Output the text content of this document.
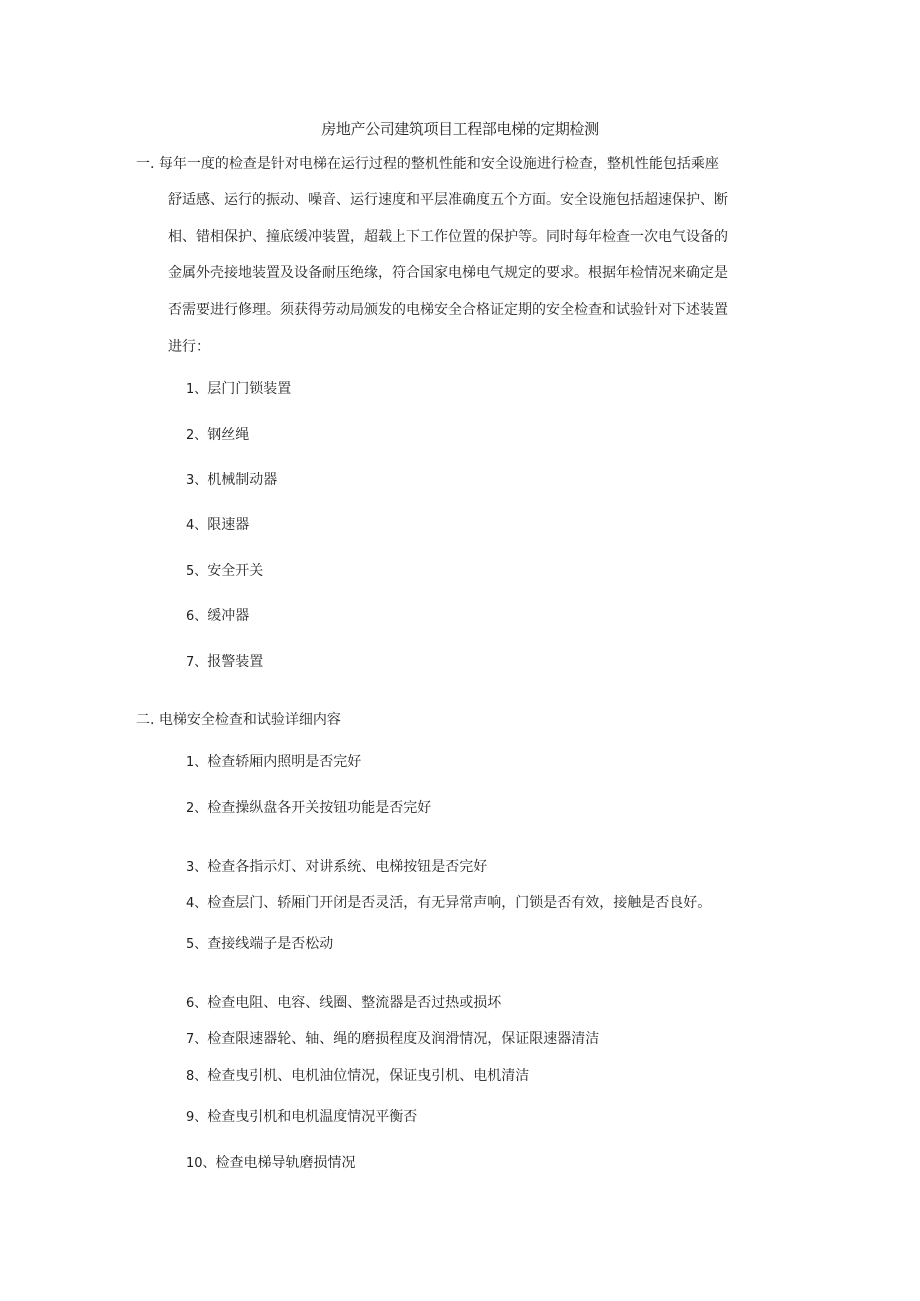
房地产公司建筑项目工程部电梯的定期检测
一. 每年一度的检查是针对电梯在运行过程的整机性能和安全设施进行检查，整机性能包括乘座
舒适感、运行的振动、噪音、运行速度和平层准确度五个方面。安全设施包括超速保护、断
相、错相保护、撞底缓冲装置，超载上下工作位置的保护等。同时每年检查一次电气设备的
金属外壳接地装置及设备耐压绝缘，符合国家电梯电气规定的要求。根据年检情况来确定是
否需要进行修理。须获得劳动局颁发的电梯安全合格证定期的安全检查和试验针对下述装置
进行：
1、层门门锁装置
2、钢丝绳
3、机械制动器
4、限速器
5、安全开关
6、缓冲器
7、报警装置
二. 电梯安全检查和试验详细内容
1、检查轿厢内照明是否完好
2、检查操纵盘各开关按钮功能是否完好
3、检查各指示灯、对讲系统、电梯按钮是否完好
4、检查层门、轿厢门开闭是否灵活，有无异常声响，门锁是否有效，接触是否良好。
5、查接线端子是否松动
6、检查电阻、电容、线圈、整流器是否过热或损坏
7、检查限速器轮、轴、绳的磨损程度及润滑情况，保证限速器清洁
8、检查曳引机、电机油位情况，保证曳引机、电机清洁
9、检查曳引机和电机温度情况平衡否
10、检查电梯导轨磨损情况
